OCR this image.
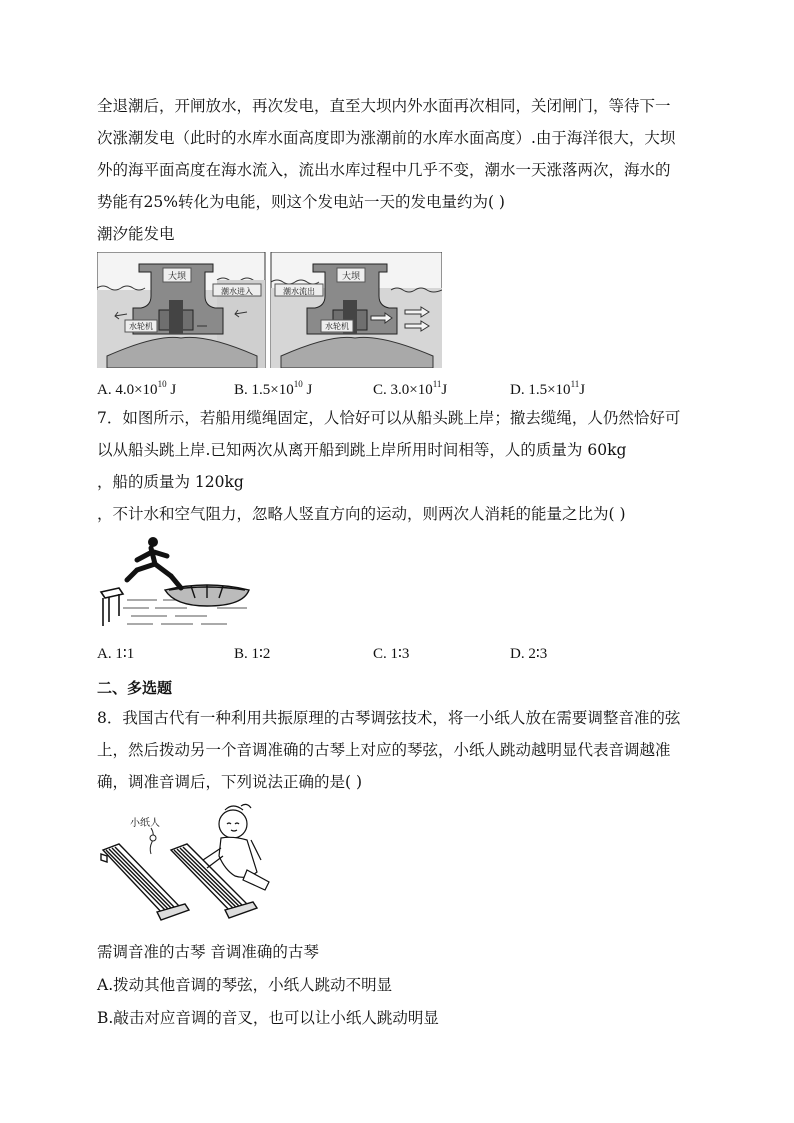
全退潮后，开闸放水，再次发电，直至大坝内外水面再次相同，关闭闸门，等待下一
次涨潮发电（此时的水库水面高度即为涨潮前的水库水面高度）.由于海洋很大，大坝
外的海平面高度在海水流入，流出水库过程中几乎不变，潮水一天涨落两次，海水的
势能有25%转化为电能，则这个发电站一天的发电量约为( )
潮汐能发电
大坝
潮水进入
水轮机
大坝
潮水流出
水轮机
A. $4.0\times 10^{10}$ J	B. $1.5\times 10^{10}$ J	C. $3.0\times 10^{11}J$	D. $1.5\times 10^{11}J$
7．如图所示，若船用缆绳固定，人恰好可以从船头跳上岸；撤去缆绳，人仍然恰好可
以从船头跳上岸.已知两次从离开船到跳上岸所用时间相等，人的质量为 60kg
，船的质量为 120kg
，不计水和空气阻力，忽略人竖直方向的运动，则两次人消耗的能量之比为( )
A. 1∶1	B. 1∶2	C. 1∶3	D. 2∶3
二、多选题
8．我国古代有一种利用共振原理的古琴调弦技术，将一小纸人放在需要调整音准的弦
上，然后拨动另一个音调准确的古琴上对应的琴弦，小纸人跳动越明显代表音调越准
确，调准音调后，下列说法正确的是( )
小纸人
需调音准的古琴 音调准确的古琴
A.拨动其他音调的琴弦，小纸人跳动不明显
B.敲击对应音调的音叉，也可以让小纸人跳动明显
